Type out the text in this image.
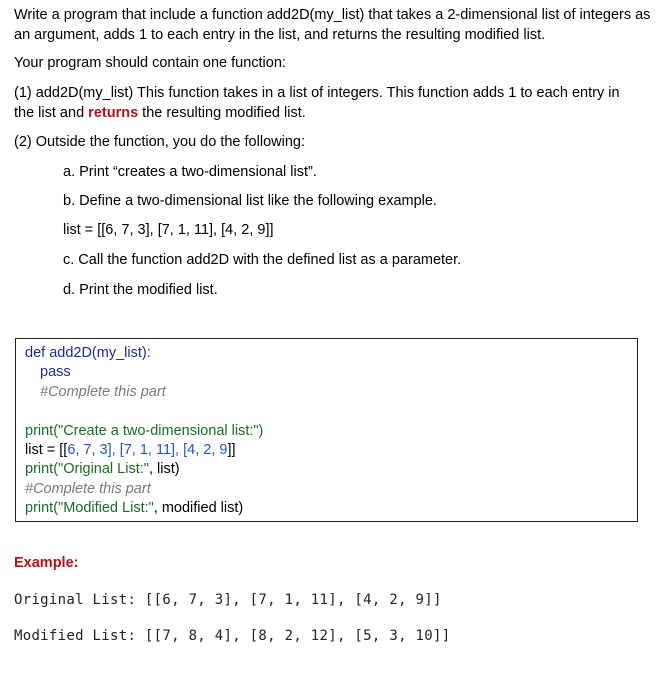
Write a program that include a function add2D(my_list) that takes a 2-dimensional list of integers as an argument, adds 1 to each entry in the list, and returns the resulting modified list.
Your program should contain one function:
(1) add2D(my_list) This function takes in a list of integers. This function adds 1 to each entry in
the list and returns the resulting modified list.
(2) Outside the function, you do the following:
a. Print “creates a two-dimensional list”.
b. Define a two-dimensional list like the following example.
list = [[6, 7, 3], [7, 1, 11], [4, 2, 9]]
c. Call the function add2D with the defined list as a parameter.
d. Print the modified list.
def add2D(my_list):
pass
#Complete this part
print("Create a two-dimensional list:")
list = [[6, 7, 3], [7, 1, 11], [4, 2, 9]]
print("Original List:", list)
#Complete this part
print("Modified List:", modified list)
Example:
Original List: [[6, 7, 3], [7, 1, 11], [4, 2, 9]]
Modified List: [[7, 8, 4], [8, 2, 12], [5, 3, 10]]
